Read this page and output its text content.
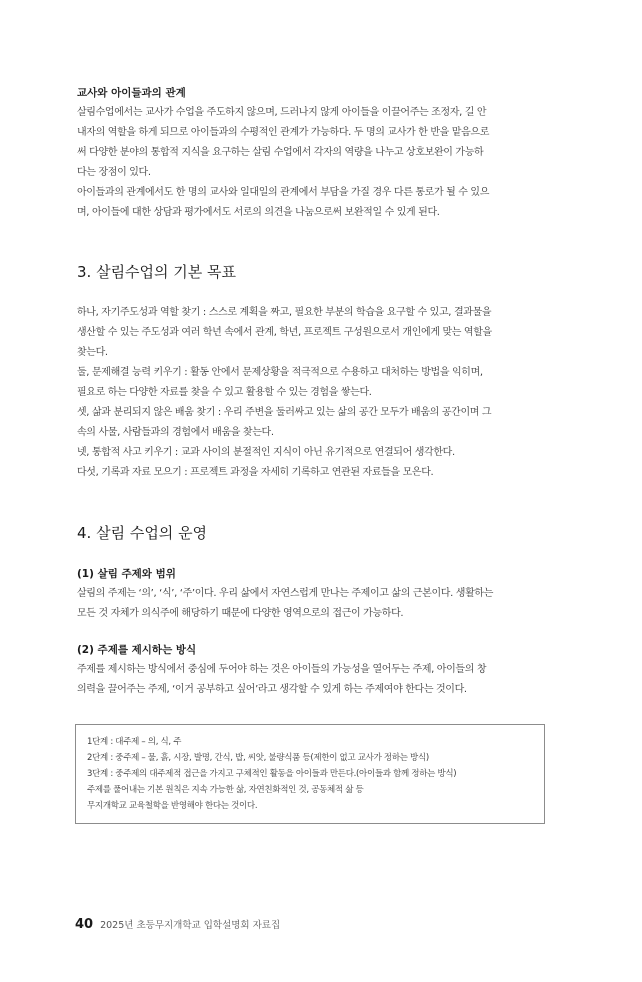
교사와 아이들과의 관계

살림수업에서는 교사가 수업을 주도하지 않으며, 드러나지 않게 아이들을 이끌어주는 조정자, 길 안

내자의 역할을 하게 되므로 아이들과의 수평적인 관계가 가능하다. 두 명의 교사가 한 반을 맡음으로

써 다양한 분야의 통합적 지식을 요구하는 살림 수업에서 각자의 역량을 나누고 상호보완이 가능하

다는 장점이 있다.

아이들과의 관계에서도 한 명의 교사와 일대일의 관계에서 부담을 가질 경우 다른 통로가 될 수 있으

며, 아이들에 대한 상담과 평가에서도 서로의 의견을 나눔으로써 보완적일 수 있게 된다.

3. 살림수업의 기본 목표

하나, 자기주도성과 역할 찾기 : 스스로 계획을 짜고, 필요한 부분의 학습을 요구할 수 있고, 결과물을

생산할 수 있는 주도성과 여러 학년 속에서 관계, 학년, 프로젝트 구성원으로서 개인에게 맞는 역할을

찾는다.

둘, 문제해결 능력 키우기 : 활동 안에서 문제상황을 적극적으로 수용하고 대처하는 방법을 익히며,

필요로 하는 다양한 자료를 찾을 수 있고 활용할 수 있는 경험을 쌓는다.

셋, 삶과 분리되지 않은 배움 찾기 : 우리 주변을 둘러싸고 있는 삶의 공간 모두가 배움의 공간이며 그

속의 사물, 사람들과의 경험에서 배움을 찾는다.

넷, 통합적 사고 키우기 : 교과 사이의 분절적인 지식이 아닌 유기적으로 연결되어 생각한다.

다섯, 기록과 자료 모으기 : 프로젝트 과정을 자세히 기록하고 연관된 자료들을 모은다.

4. 살림 수업의 운영

(1) 살림 주제와 범위

살림의 주제는 ‘의’, ‘식’, ‘주’이다. 우리 삶에서 자연스럽게 만나는 주제이고 삶의 근본이다. 생활하는

모든 것 자체가 의식주에 해당하기 때문에 다양한 영역으로의 접근이 가능하다.

(2) 주제를 제시하는 방식

주제를 제시하는 방식에서 중심에 두어야 하는 것은 아이들의 가능성을 열어두는 주제, 아이들의 창

의력을 끌어주는 주제, ‘이거 공부하고 싶어’라고 생각할 수 있게 하는 주제여야 한다는 것이다.

1단계 : 대주제 – 의, 식, 주
2단계 : 중주제 – 물, 흙, 시장, 발명, 간식, 밥, 씨앗, 불량식품 등(제한이 없고 교사가 정하는 방식)
3단계 : 중주제의 대주제적 접근을 가지고 구체적인 활동을 아이들과 만든다.(아이들과 함께 정하는 방식)
주제를 풀어내는 기본 원칙은 지속 가능한 삶, 자연친화적인 것, 공동체적 삶 등
무지개학교 교육철학을 반영해야 한다는 것이다.
40 2025년 초등무지개학교 입학설명회 자료집
